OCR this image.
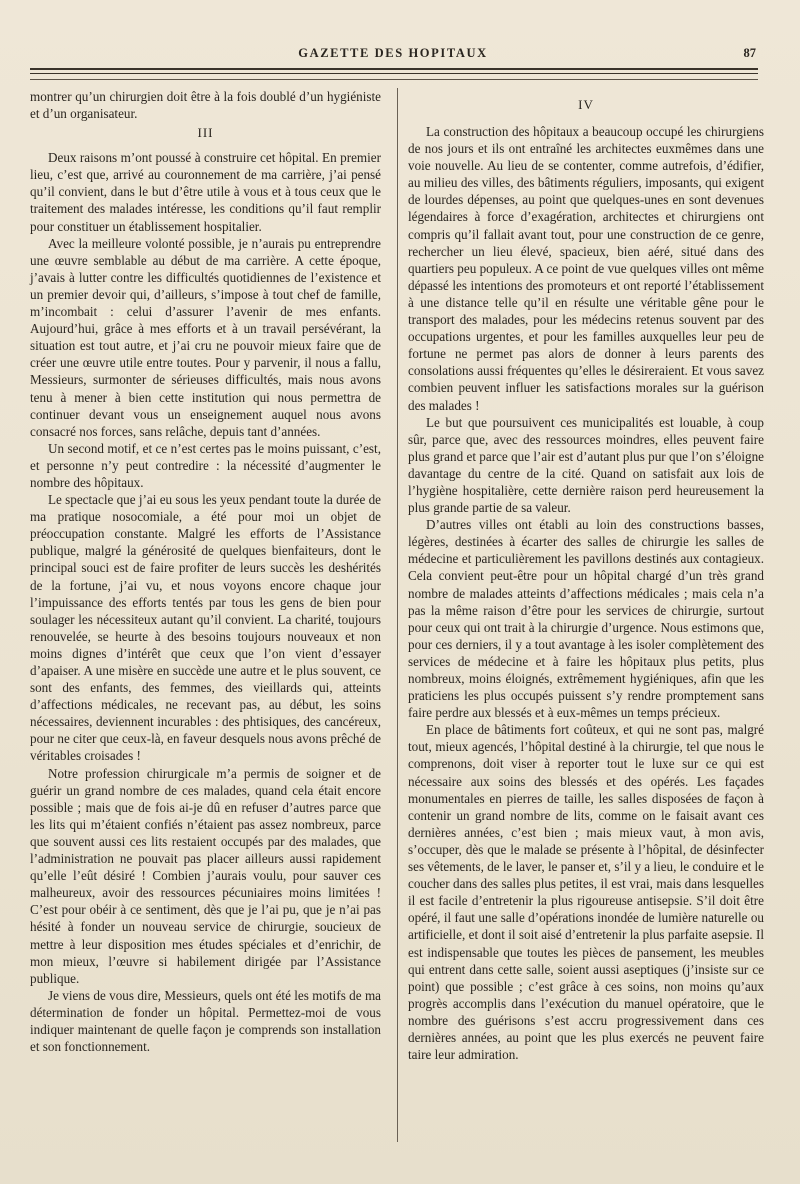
GAZETTE DES HOPITAUX	87

montrer qu’un chirurgien doit être à la fois doublé d’un hygiéniste et d’un organisateur.

III

Deux raisons m’ont poussé à construire cet hôpital. En premier lieu, c’est que, arrivé au couronnement de ma carrière, j’ai pensé qu’il convient, dans le but d’être utile à vous et à tous ceux que le traitement des malades intéresse, les conditions qu’il faut remplir pour constituer un établissement hospitalier.

Avec la meilleure volonté possible, je n’aurais pu entreprendre une œuvre semblable au début de ma carrière. A cette époque, j’avais à lutter contre les difficultés quotidiennes de l’existence et un premier devoir qui, d’ailleurs, s’impose à tout chef de famille, m’incombait : celui d’assurer l’avenir de mes enfants. Aujourd’hui, grâce à mes efforts et à un travail persévérant, la situation est tout autre, et j’ai cru ne pouvoir mieux faire que de créer une œuvre utile entre toutes. Pour y parvenir, il nous a fallu, Messieurs, surmonter de sérieuses difficultés, mais nous avons tenu à mener à bien cette institution qui nous permettra de continuer devant vous un enseignement auquel nous avons consacré nos forces, sans relâche, depuis tant d’années.

Un second motif, et ce n’est certes pas le moins puissant, c’est, et personne n’y peut contredire : la nécessité d’augmenter le nombre des hôpitaux.

Le spectacle que j’ai eu sous les yeux pendant toute la durée de ma pratique nosocomiale, a été pour moi un objet de préoccupation constante. Malgré les efforts de l’Assistance publique, malgré la générosité de quelques bienfaiteurs, dont le principal souci est de faire profiter de leurs succès les deshérités de la fortune, j’ai vu, et nous voyons encore chaque jour l’impuissance des efforts tentés par tous les gens de bien pour soulager les nécessiteux autant qu’il convient. La charité, toujours renouvelée, se heurte à des besoins toujours nouveaux et non moins dignes d’intérêt que ceux que l’on vient d’essayer d’apaiser. A une misère en succède une autre et le plus souvent, ce sont des enfants, des femmes, des vieillards qui, atteints d’affections médicales, ne recevant pas, au début, les soins nécessaires, deviennent incurables : des phtisiques, des cancéreux, pour ne citer que ceux-là, en faveur desquels nous avons prêché de véritables croisades !

Notre profession chirurgicale m’a permis de soigner et de guérir un grand nombre de ces malades, quand cela était encore possible ; mais que de fois ai-je dû en refuser d’autres parce que les lits qui m’étaient confiés n’étaient pas assez nombreux, parce que souvent aussi ces lits restaient occupés par des malades, que l’administration ne pouvait pas placer ailleurs aussi rapidement qu’elle l’eût désiré ! Combien j’aurais voulu, pour sauver ces malheureux, avoir des ressources pécuniaires moins limitées ! C’est pour obéir à ce sentiment, dès que je l’ai pu, que je n’ai pas hésité à fonder un nouveau service de chirurgie, soucieux de mettre à leur disposition mes études spéciales et d’enrichir, de mon mieux, l’œuvre si habilement dirigée par l’Assistance publique.

Je viens de vous dire, Messieurs, quels ont été les motifs de ma détermination de fonder un hôpital. Permettez-moi de vous indiquer maintenant de quelle façon je comprends son installation et son fonctionnement.

IV

La construction des hôpitaux a beaucoup occupé les chirurgiens de nos jours et ils ont entraîné les architectes euxmêmes dans une voie nouvelle. Au lieu de se contenter, comme autrefois, d’édifier, au milieu des villes, des bâtiments réguliers, imposants, qui exigent de lourdes dépenses, au point que quelques-unes en sont devenues légendaires à force d’exagération, architectes et chirurgiens ont compris qu’il fallait avant tout, pour une construction de ce genre, rechercher un lieu élevé, spacieux, bien aéré, situé dans des quartiers peu populeux. A ce point de vue quelques villes ont même dépassé les intentions des promoteurs et ont reporté l’établissement à une distance telle qu’il en résulte une véritable gêne pour le transport des malades, pour les médecins retenus souvent par des occupations urgentes, et pour les familles auxquelles leur peu de fortune ne permet pas alors de donner à leurs parents des consolations aussi fréquentes qu’elles le désireraient. Et vous savez combien peuvent influer les satisfactions morales sur la guérison des malades !

Le but que poursuivent ces municipalités est louable, à coup sûr, parce que, avec des ressources moindres, elles peuvent faire plus grand et parce que l’air est d’autant plus pur que l’on s’éloigne davantage du centre de la cité. Quand on satisfait aux lois de l’hygiène hospitalière, cette dernière raison perd heureusement la plus grande partie de sa valeur.

D’autres villes ont établi au loin des constructions basses, légères, destinées à écarter des salles de chirurgie les salles de médecine et particulièrement les pavillons destinés aux contagieux. Cela convient peut-être pour un hôpital chargé d’un très grand nombre de malades atteints d’affections médicales ; mais cela n’a pas la même raison d’être pour les services de chirurgie, surtout pour ceux qui ont trait à la chirurgie d’urgence. Nous estimons que, pour ces derniers, il y a tout avantage à les isoler complètement des services de médecine et à faire les hôpitaux plus petits, plus nombreux, moins éloignés, extrêmement hygiéniques, afin que les praticiens les plus occupés puissent s’y rendre promptement sans faire perdre aux blessés et à eux-mêmes un temps précieux.

En place de bâtiments fort coûteux, et qui ne sont pas, malgré tout, mieux agencés, l’hôpital destiné à la chirurgie, tel que nous le comprenons, doit viser à reporter tout le luxe sur ce qui est nécessaire aux soins des blessés et des opérés. Les façades monumentales en pierres de taille, les salles disposées de façon à contenir un grand nombre de lits, comme on le faisait avant ces dernières années, c’est bien ; mais mieux vaut, à mon avis, s’occuper, dès que le malade se présente à l’hôpital, de désinfecter ses vêtements, de le laver, le panser et, s’il y a lieu, le conduire et le coucher dans des salles plus petites, il est vrai, mais dans lesquelles il est facile d’entretenir la plus rigoureuse antisepsie. S’il doit être opéré, il faut une salle d’opérations inondée de lumière naturelle ou artificielle, et dont il soit aisé d’entretenir la plus parfaite asepsie. Il est indispensable que toutes les pièces de pansement, les meubles qui entrent dans cette salle, soient aussi aseptiques (j’insiste sur ce point) que possible ; c’est grâce à ces soins, non moins qu’aux progrès accomplis dans l’exécution du manuel opératoire, que le nombre des guérisons s’est accru progressivement dans ces dernières années, au point que les plus exercés ne peuvent faire taire leur admiration.
